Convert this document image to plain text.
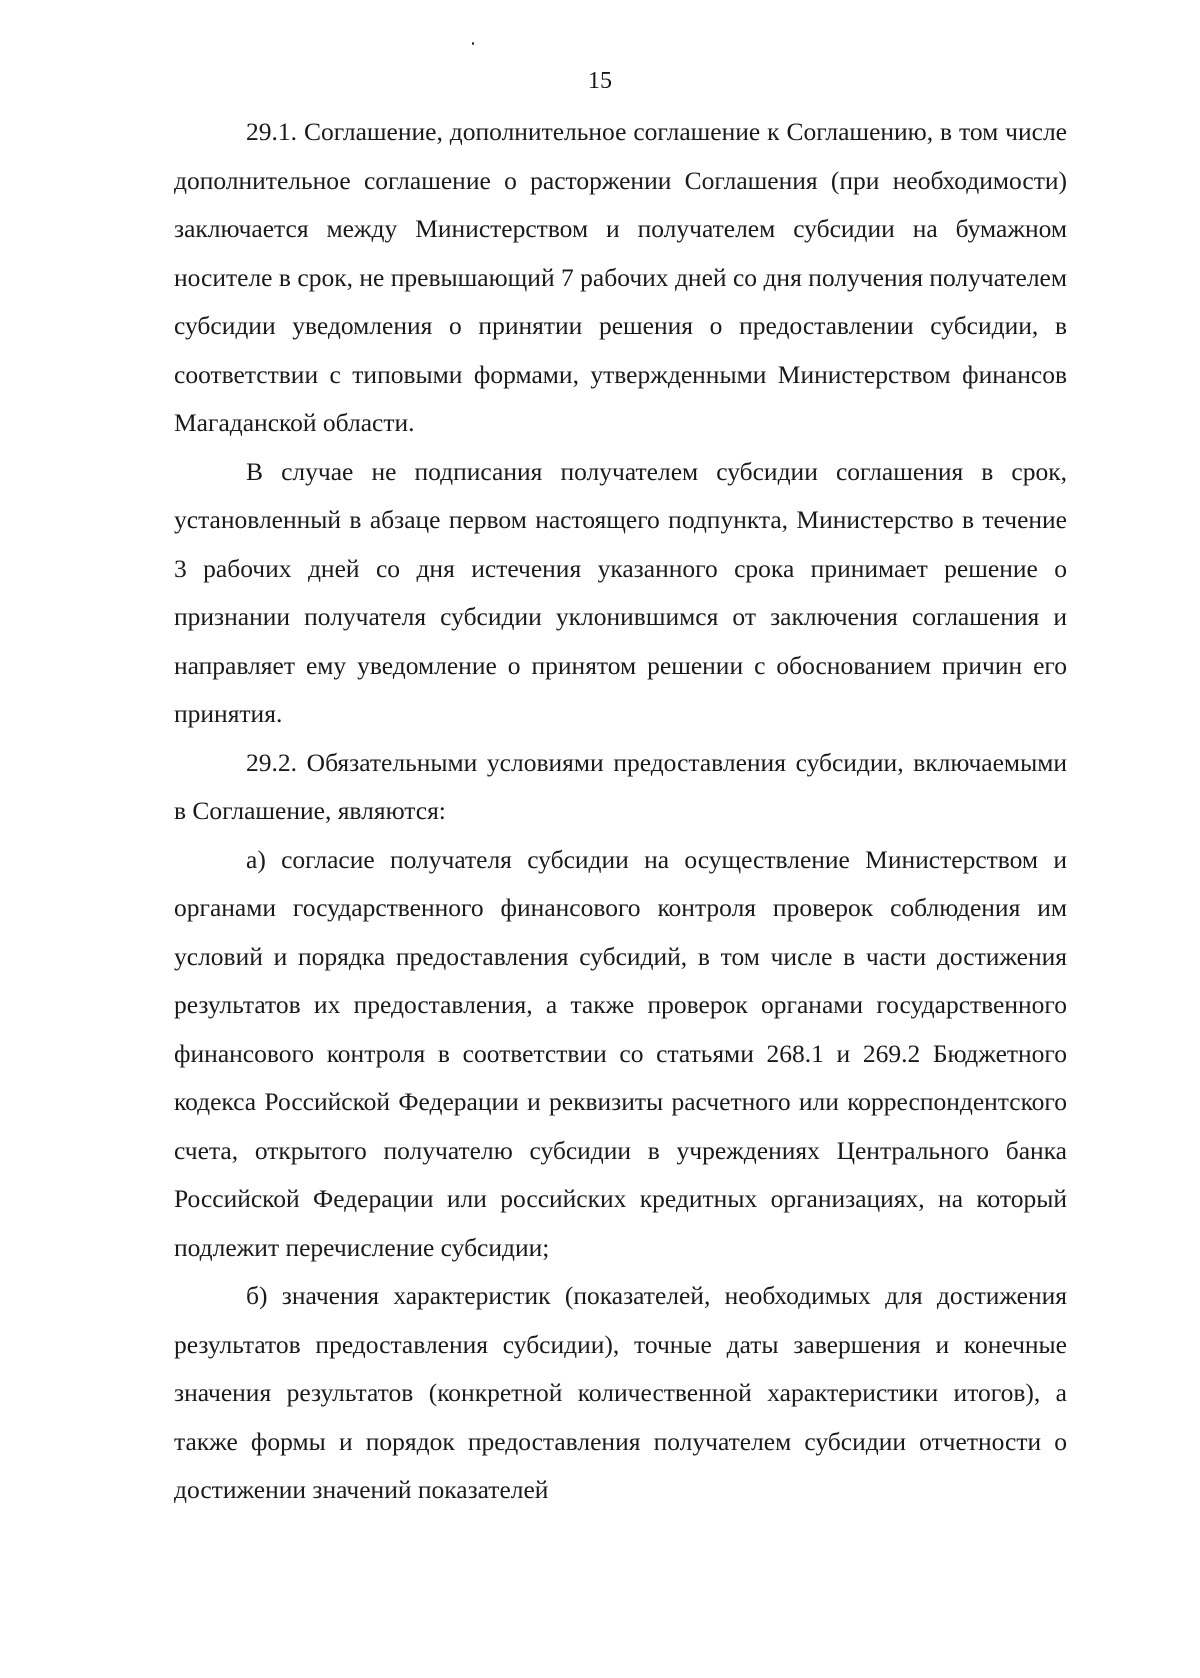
15

29.1. Соглашение, дополнительное соглашение к Соглашению, в том числе дополнительное соглашение о расторжении Соглашения (при необходимости) заключается между Министерством и получателем субсидии на бумажном носителе в срок, не превышающий 7 рабочих дней со дня получения получателем субсидии уведомления о принятии решения о предоставлении субсидии, в соответствии с типовыми формами, утвержденными Министерством финансов Магаданской области.

В случае не подписания получателем субсидии соглашения в срок, установленный в абзаце первом настоящего подпункта, Министерство в течение 3 рабочих дней со дня истечения указанного срока принимает решение о признании получателя субсидии уклонившимся от заключения соглашения и направляет ему уведомление о принятом решении с обоснованием причин его принятия.

29.2. Обязательными условиями предоставления субсидии, включаемыми в Соглашение, являются:

а) согласие получателя субсидии на осуществление Министерством и органами государственного финансового контроля проверок соблюдения им условий и порядка предоставления субсидий, в том числе в части достижения результатов их предоставления, а также проверок органами государственного финансового контроля в соответствии со статьями 268.1 и 269.2 Бюджетного кодекса Российской Федерации и реквизиты расчетного или корреспондентского счета, открытого получателю субсидии в учреждениях Центрального банка Российской Федерации или российских кредитных организациях, на который подлежит перечисление субсидии;

б) значения характеристик (показателей, необходимых для достижения результатов предоставления субсидии), точные даты завершения и конечные значения результатов (конкретной количественной характеристики итогов), а также формы и порядок предоставления получателем субсидии отчетности о достижении значений показателей
